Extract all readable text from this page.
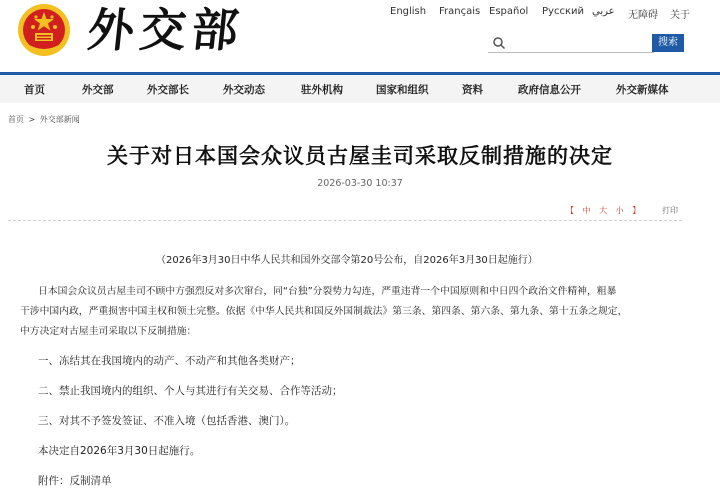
外交部	English Français Español Русский عربي 无障碍 关于
搜索
首页	外交部	外交部长	外交动态	驻外机构	国家和组织	资料	政府信息公开	外交新媒体
首页 > 外交部新闻
关于对日本国会众议员古屋圭司采取反制措施的决定
2026-03-30 10:37
【 中 大 小 】	打印
（2026年3月30日中华人民共和国外交部令第20号公布，自2026年3月30日起施行）
日本国会众议员古屋圭司不顾中方强烈反对多次窜台，同“台独”分裂势力勾连，严重违背一个中国原则和中日四个政治文件精神，粗暴
干涉中国内政，严重损害中国主权和领土完整。依据《中华人民共和国反外国制裁法》第三条、第四条、第六条、第九条、第十五条之规定，
中方决定对古屋圭司采取以下反制措施：
一、冻结其在我国境内的动产、不动产和其他各类财产；
二、禁止我国境内的组织、个人与其进行有关交易、合作等活动；
三、对其不予签发签证、不准入境（包括香港、澳门）。
本决定自2026年3月30日起施行。
附件：反制清单
